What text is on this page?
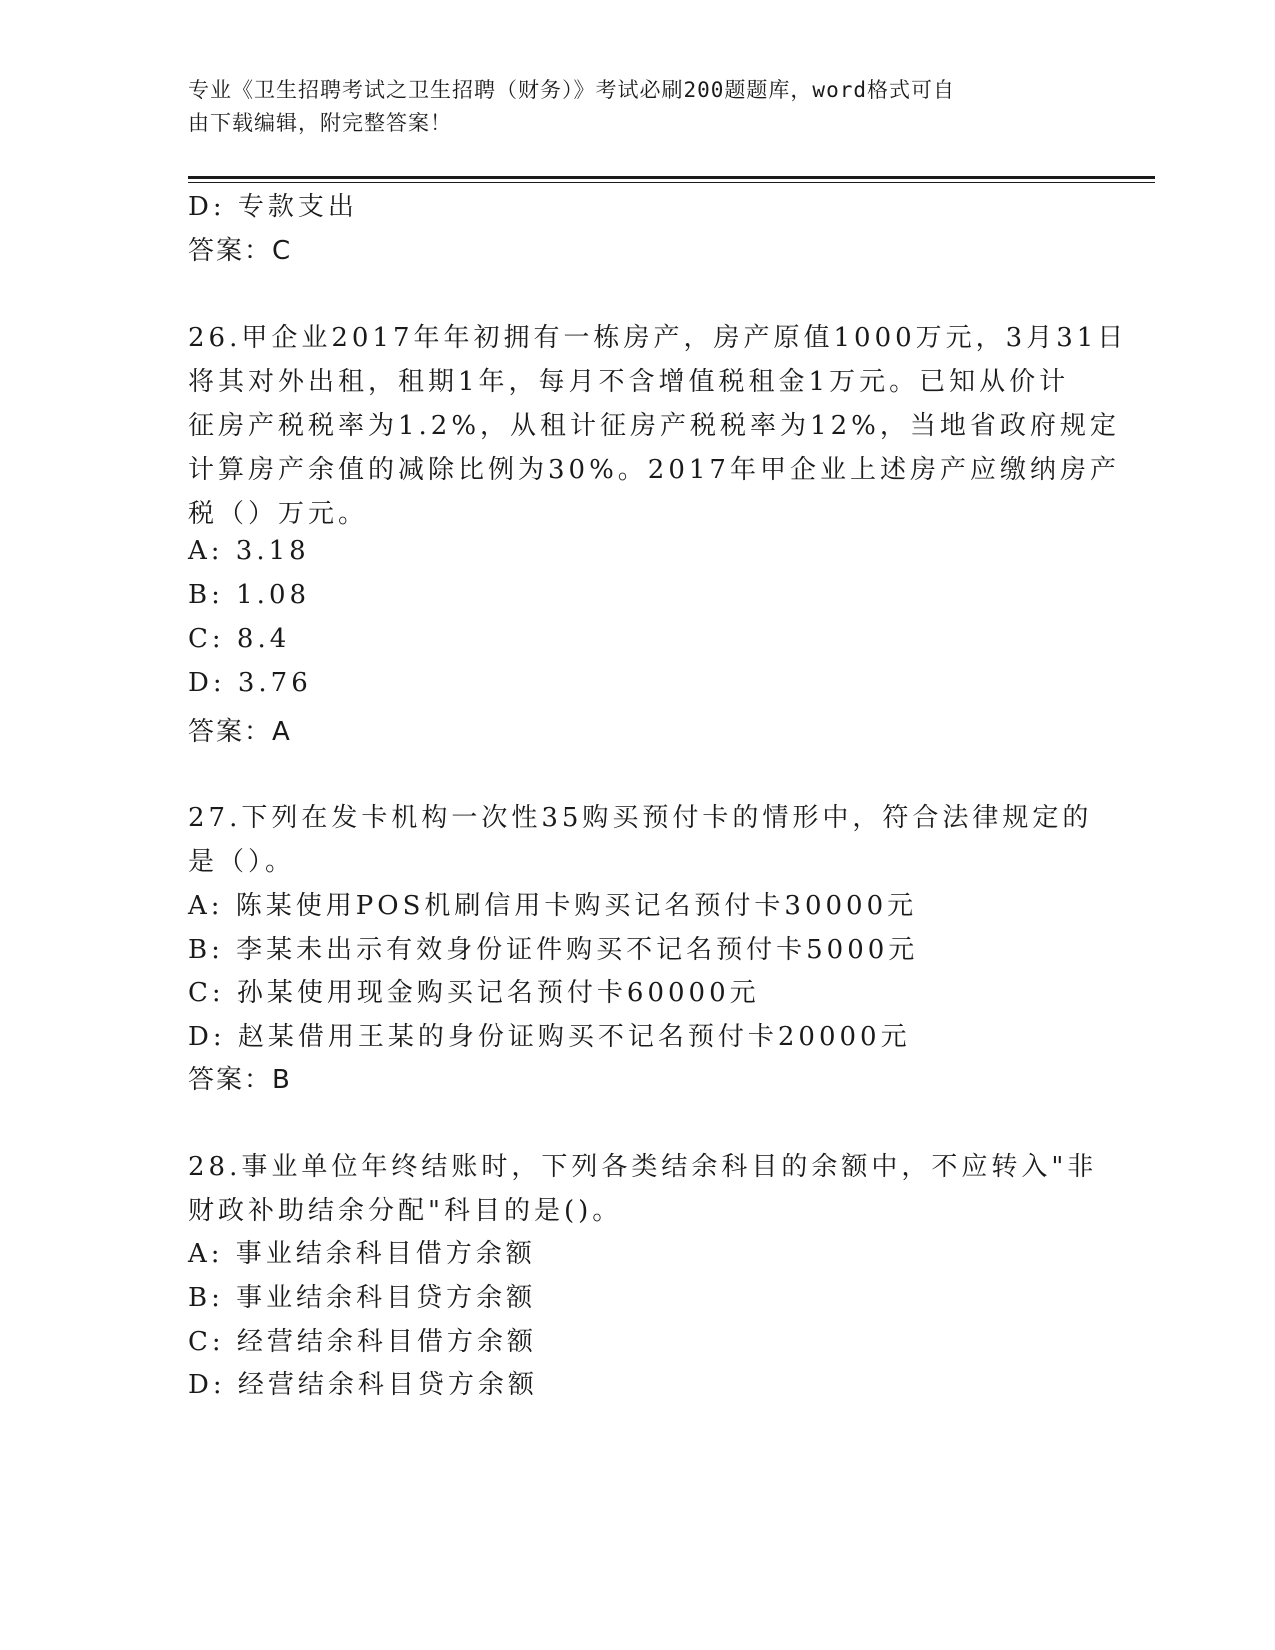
专业《卫生招聘考试之卫生招聘（财务）》考试必刷200题题库，word格式可自
由下载编辑，附完整答案！
D: 专款支出
答案：C
26.甲企业2017年年初拥有一栋房产，房产原值1000万元，3月31日
将其对外出租，租期1年，每月不含增值税租金1万元。已知从价计
征房产税税率为1.2%，从租计征房产税税率为12%，当地省政府规定
计算房产余值的减除比例为30%。2017年甲企业上述房产应缴纳房产
税（）万元。
A: 3.18
B: 1.08
C: 8.4
D: 3.76
答案：A
27.下列在发卡机构一次性35购买预付卡的情形中，符合法律规定的
是（）。
A: 陈某使用POS机刷信用卡购买记名预付卡30000元
B: 李某未出示有效身份证件购买不记名预付卡5000元
C: 孙某使用现金购买记名预付卡60000元
D: 赵某借用王某的身份证购买不记名预付卡20000元
答案：B
28.事业单位年终结账时，下列各类结余科目的余额中，不应转入"非
财政补助结余分配"科目的是()。
A: 事业结余科目借方余额
B: 事业结余科目贷方余额
C: 经营结余科目借方余额
D: 经营结余科目贷方余额
